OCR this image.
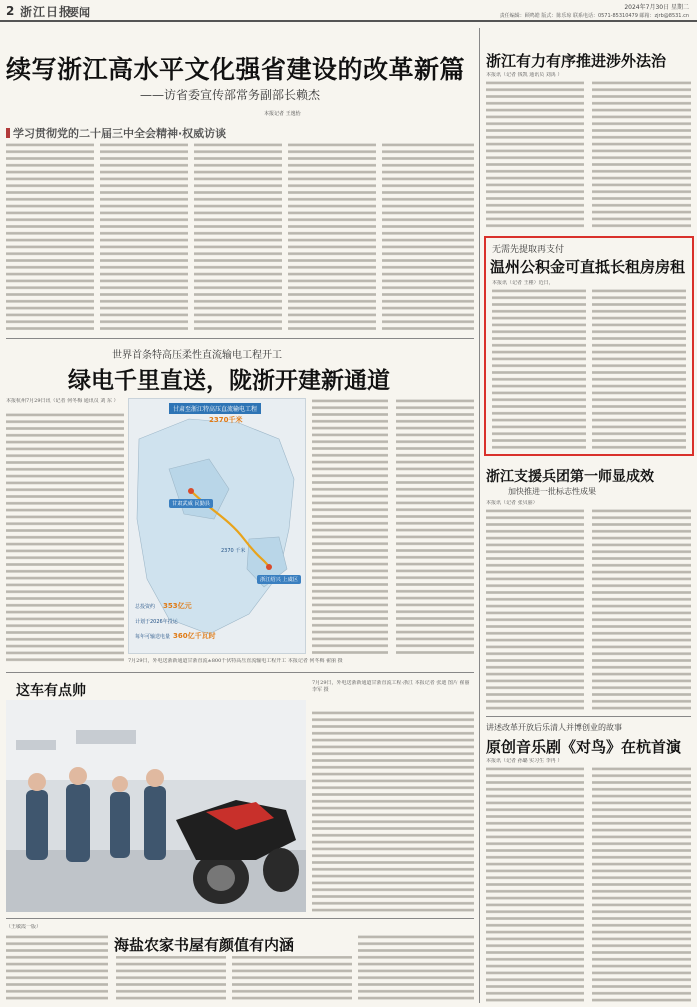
2 浙江日报
要闻	2024年7月30日 星期二
责任编辑：顾鸣皓 版式：陈乐琼 联系电话：0571-85310479 邮箱：zjrb@8531.cn
续写浙江高水平文化强省建设的改革新篇
——访省委宣传部常务副部长赖杰
本报记者 王逸怡
学习贯彻党的二十届三中全会精神·权威访谈
世界首条特高压柔性直流输电工程开工
绿电千里直送，陇浙开建新通道
本报杭州7月29日讯（记者 何冬梅 通讯员 刘 东 ）
甘肃至浙江特高压直流输电工程
2370千米
甘肃武威 民勤县
浙江绍兴 上虞区
2370 千米
总投资约 353亿元
计划于2026年投运
每年可输送电量 360亿千瓦时
7月29日，外电送浙新通道甘浙直流±800千伏特高压直流输电工程开工 本报记者 何冬梅 翟丽 摄
这车有点帅	7月29日，外电送浙新通道甘浙直流工程·浙江 本报记者 张迪 图片 翟丽 李军 摄
（王敏霞一版）
海盐农家书屋有颜值有内涵
浙江有力有序推进涉外法治
本报讯（记者 钱凯 通讯员 刘禹 ）
无需先提取再支付
温州公积金可直抵长租房房租
本报讯（记者 王槿）近日，
浙江支援兵团第一师显成效
加快推进一批标志性成果
本报讯（记者 张贝丽）
讲述改革开放后乐清人并博创业的故事
原创音乐剧《对鸟》在杭首演
本报讯（记者 孙璐 实习生 李冉 ）
